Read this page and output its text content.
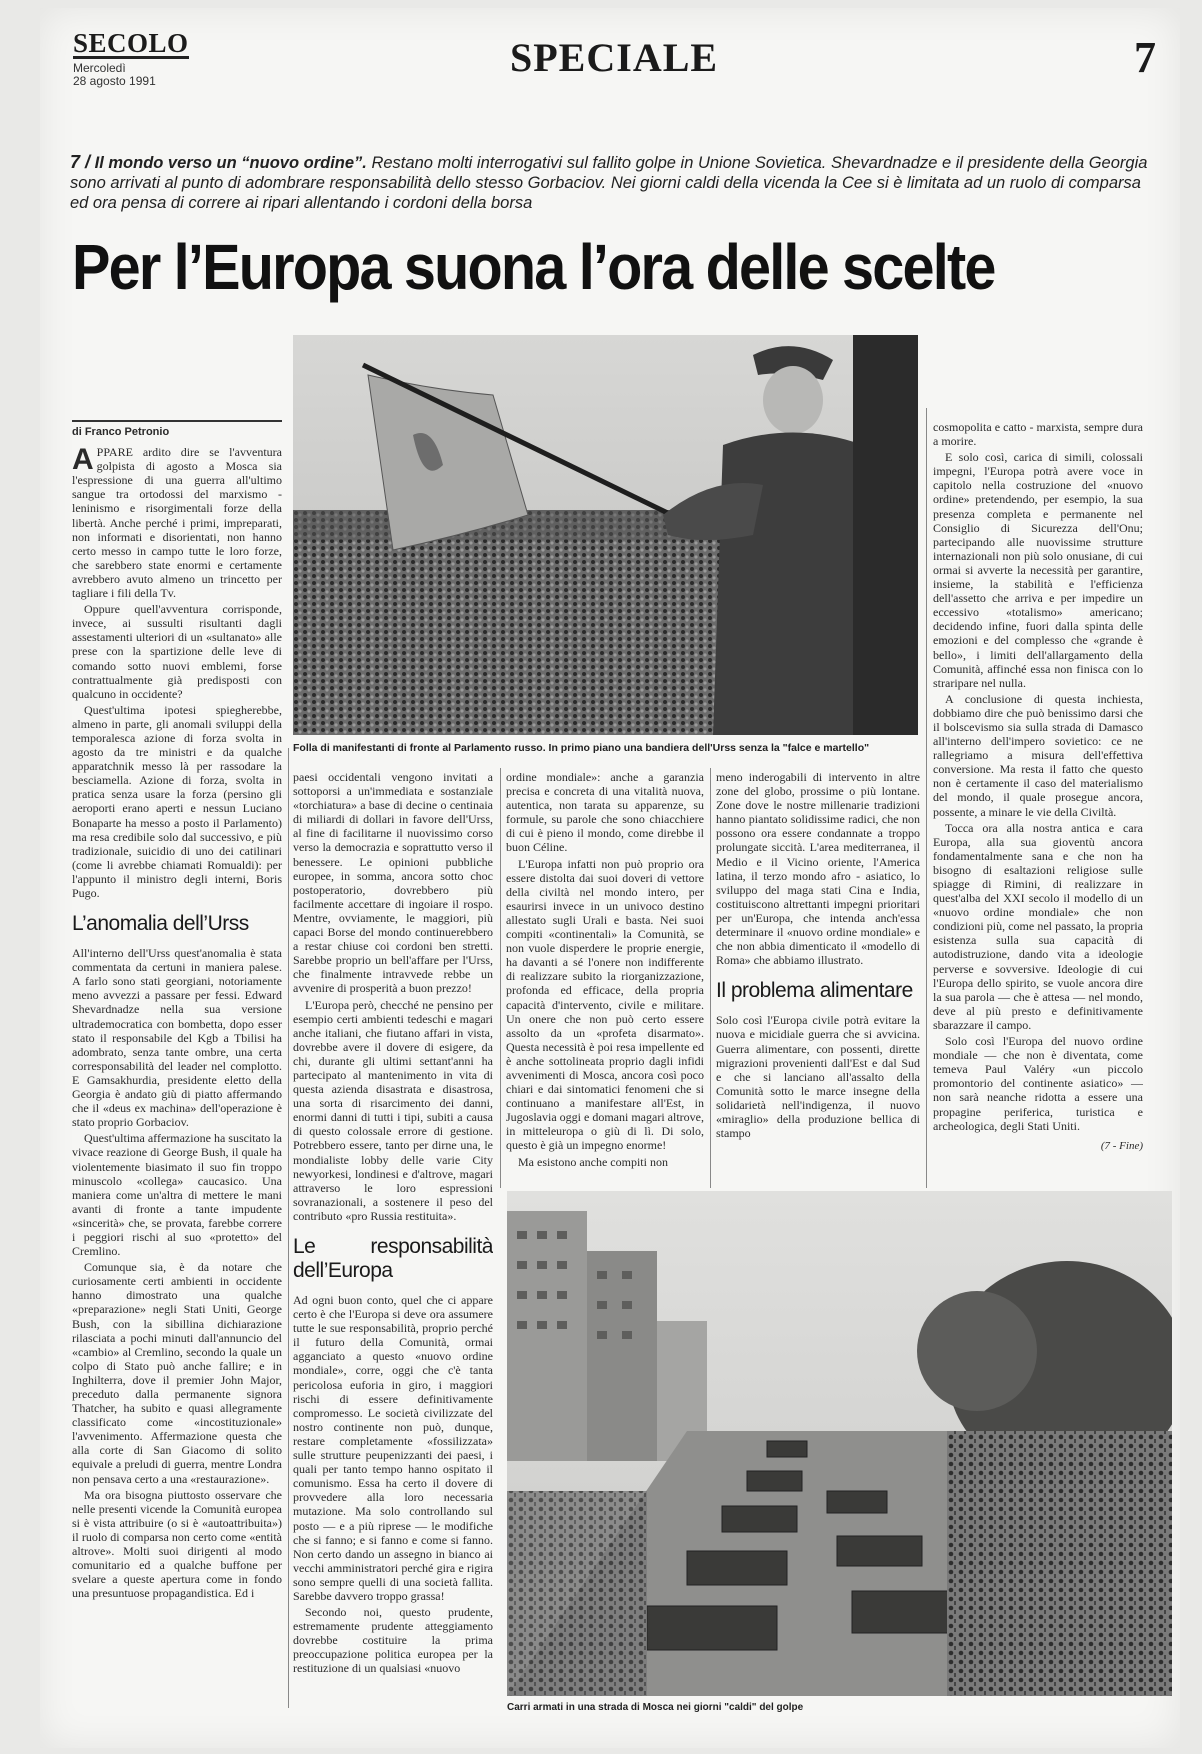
SECOLO
Mercoledì
28 agosto 1991
SPECIALE	7
7 / Il mondo verso un “nuovo ordine”. Restano molti interrogativi sul fallito golpe in Unione Sovietica. Shevardnadze e il presidente della Georgia sono arrivati al punto di adombrare responsabilità dello stesso Gorbaciov. Nei giorni caldi della vicenda la Cee si è limitata ad un ruolo di comparsa ed ora pensa di correre ai ripari allentando i cordoni della borsa
Per l’Europa suona l’ora delle scelte
Folla di manifestanti di fronte al Parlamento russo. In primo piano una bandiera dell'Urss senza la "falce e martello"
Carri armati in una strada di Mosca nei giorni "caldi" del golpe
di Franco Petronio

APPARE ardito dire se l'avventura golpista di agosto a Mosca sia l'espressione di una guerra all'ultimo sangue tra ortodossi del marxismo - leninismo e risorgimentali forze della libertà. Anche perché i primi, impreparati, non informati e disorientati, non hanno certo messo in campo tutte le loro forze, che sarebbero state enormi e certamente avrebbero avuto almeno un trincetto per tagliare i fili della Tv.

Oppure quell'avventura corrisponde, invece, ai sussulti risultanti dagli assestamenti ulteriori di un «sultanato» alle prese con la spartizione delle leve di comando sotto nuovi emblemi, forse contrattualmente già predisposti con qualcuno in occidente?

Quest'ultima ipotesi spiegherebbe, almeno in parte, gli anomali sviluppi della temporalesca azione di forza svolta in agosto da tre ministri e da qualche apparatchnik messo là per rassodare la besciamella. Azione di forza, svolta in pratica senza usare la forza (persino gli aeroporti erano aperti e nessun Luciano Bonaparte ha messo a posto il Parlamento) ma resa credibile solo dal successivo, e più tradizionale, suicidio di uno dei catilinari (come li avrebbe chiamati Romualdi): per l'appunto il ministro degli interni, Boris Pugo.

L’anomalia dell’Urss

All'interno dell'Urss quest'anomalia è stata commentata da certuni in maniera palese. A farlo sono stati georgiani, notoriamente meno avvezzi a passare per fessi. Edward Shevardnadze nella sua versione ultrademocratica con bombetta, dopo esser stato il responsabile del Kgb a Tbilisi ha adombrato, senza tante ombre, una certa corresponsabilità del leader nel complotto. E Gamsakhurdia, presidente eletto della Georgia è andato giù di piatto affermando che il «deus ex machina» dell'operazione è stato proprio Gorbaciov.

Quest'ultima affermazione ha suscitato la vivace reazione di George Bush, il quale ha violentemente biasimato il suo fin troppo minuscolo «collega» caucasico. Una maniera come un'altra di mettere le mani avanti di fronte a tante impudente «sincerità» che, se provata, farebbe correre i peggiori rischi al suo «protetto» del Cremlino.

Comunque sia, è da notare che curiosamente certi ambienti in occidente hanno dimostrato una qualche «preparazione» negli Stati Uniti, George Bush, con la sibillina dichiarazione rilasciata a pochi minuti dall'annuncio del «cambio» al Cremlino, secondo la quale un colpo di Stato può anche fallire; e in Inghilterra, dove il premier John Major, preceduto dalla permanente signora Thatcher, ha subito e quasi allegramente classificato come «incostituzionale» l'avvenimento. Affermazione questa che alla corte di San Giacomo di solito equivale a preludi di guerra, mentre Londra non pensava certo a una «restaurazione».

Ma ora bisogna piuttosto osservare che nelle presenti vicende la Comunità europea si è vista attribuire (o si è «autoattribuita») il ruolo di comparsa non certo come «entità altrove». Molti suoi dirigenti al modo comunitario ed a qualche buffone per svelare a queste apertura come in fondo una presuntuose propagandistica. Ed i

paesi occidentali vengono invitati a sottoporsi a un'immediata e sostanziale «torchiatura» a base di decine o centinaia di miliardi di dollari in favore dell'Urss, al fine di facilitarne il nuovissimo corso verso la democrazia e soprattutto verso il benessere. Le opinioni pubbliche europee, in somma, ancora sotto choc postoperatorio, dovrebbero più facilmente accettare di ingoiare il rospo. Mentre, ovviamente, le maggiori, più capaci Borse del mondo continuerebbero a restar chiuse coi cordoni ben stretti. Sarebbe proprio un bell'affare per l'Urss, che finalmente intravvede rebbe un avvenire di prosperità a buon prezzo!

L'Europa però, checché ne pensino per esempio certi ambienti tedeschi e magari anche italiani, che fiutano affari in vista, dovrebbe avere il dovere di esigere, da chi, durante gli ultimi settant'anni ha partecipato al mantenimento in vita di questa azienda disastrata e disastrosa, una sorta di risarcimento dei danni, enormi danni di tutti i tipi, subiti a causa di questo colossale errore di gestione. Potrebbero essere, tanto per dirne una, le mondialiste lobby delle varie City newyorkesi, londinesi e d'altrove, magari attraverso le loro espressioni sovranazionali, a sostenere il peso del contributo «pro Russia restituita».

Le responsabilità dell’Europa

Ad ogni buon conto, quel che ci appare certo è che l'Europa si deve ora assumere tutte le sue responsabilità, proprio perché il futuro della Comunità, ormai agganciato a questo «nuovo ordine mondiale», corre, oggi che c'è tanta pericolosa euforia in giro, i maggiori rischi di essere definitivamente compromesso. Le società civilizzate del nostro continente non può, dunque, restare completamente «fossilizzata» sulle strutture peupenizzanti dei paesi, i quali per tanto tempo hanno ospitato il comunismo. Essa ha certo il dovere di provvedere alla loro necessaria mutazione. Ma solo controllando sul posto — e a più riprese — le modifiche che si fanno; e si fanno e come si fanno. Non certo dando un assegno in bianco ai vecchi amministratori perché gira e rigira sono sempre quelli di una società fallita. Sarebbe davvero troppo grassa!

Secondo noi, questo prudente, estremamente prudente atteggiamento dovrebbe costituire la prima preoccupazione politica europea per la restituzione di un qualsiasi «nuovo

ordine mondiale»: anche a garanzia precisa e concreta di una vitalità nuova, autentica, non tarata su apparenze, su formule, su parole che sono chiacchiere di cui è pieno il mondo, come direbbe il buon Céline.

L'Europa infatti non può proprio ora essere distolta dai suoi doveri di vettore della civiltà nel mondo intero, per esaurirsi invece in un univoco destino allestato sugli Urali e basta. Nei suoi compiti «continentali» la Comunità, se non vuole disperdere le proprie energie, ha davanti a sé l'onere non indifferente di realizzare subito la riorganizzazione, profonda ed efficace, della propria capacità d'intervento, civile e militare. Un onere che non può certo essere assolto da un «profeta disarmato». Questa necessità è poi resa impellente ed è anche sottolineata proprio dagli infidi avvenimenti di Mosca, ancora così poco chiari e dai sintomatici fenomeni che si continuano a manifestare all'Est, in Jugoslavia oggi e domani magari altrove, in mitteleuropa o giù di lì. Di solo, questo è già un impegno enorme!

Ma esistono anche compiti non

meno inderogabili di intervento in altre zone del globo, prossime o più lontane. Zone dove le nostre millenarie tradizioni hanno piantato solidissime radici, che non possono ora essere condannate a troppo prolungate siccità. L'area mediterranea, il Medio e il Vicino oriente, l'America latina, il terzo mondo afro - asiatico, lo sviluppo del maga stati Cina e India, costituiscono altrettanti impegni prioritari per un'Europa, che intenda anch'essa determinare il «nuovo ordine mondiale» e che non abbia dimenticato il «modello di Roma» che abbiamo illustrato.

Il problema alimentare

Solo così l'Europa civile potrà evitare la nuova e micidiale guerra che si avvicina. Guerra alimentare, con possenti, dirette migrazioni provenienti dall'Est e dal Sud e che si lanciano all'assalto della Comunità sotto le marce insegne della solidarietà nell'indigenza, il nuovo «miraglio» della produzione bellica di stampo

cosmopolita e catto - marxista, sempre dura a morire.

E solo così, carica di simili, colossali impegni, l'Europa potrà avere voce in capitolo nella costruzione del «nuovo ordine» pretendendo, per esempio, la sua presenza completa e permanente nel Consiglio di Sicurezza dell'Onu; partecipando alle nuovissime strutture internazionali non più solo onusiane, di cui ormai si avverte la necessità per garantire, insieme, la stabilità e l'efficienza dell'assetto che arriva e per impedire un eccessivo «totalismo» americano; decidendo infine, fuori dalla spinta delle emozioni e del complesso che «grande è bello», i limiti dell'allargamento della Comunità, affinché essa non finisca con lo straripare nel nulla.

A conclusione di questa inchiesta, dobbiamo dire che può benissimo darsi che il bolscevismo sia sulla strada di Damasco all'interno dell'impero sovietico: ce ne rallegriamo a misura dell'effettiva conversione. Ma resta il fatto che questo non è certamente il caso del materialismo del mondo, il quale prosegue ancora, possente, a minare le vie della Civiltà.

Tocca ora alla nostra antica e cara Europa, alla sua gioventù ancora fondamentalmente sana e che non ha bisogno di esaltazioni religiose sulle spiagge di Rimini, di realizzare in quest'alba del XXI secolo il modello di un «nuovo ordine mondiale» che non condizioni più, come nel passato, la propria esistenza sulla sua capacità di autodistruzione, dando vita a ideologie perverse e sovversive. Ideologie di cui l'Europa dello spirito, se vuole ancora dire la sua parola — che è attesa — nel mondo, deve al più presto e definitivamente sbarazzare il campo.

Solo così l'Europa del nuovo ordine mondiale — che non è diventata, come temeva Paul Valéry «un piccolo promontorio del continente asiatico» — non sarà neanche ridotta a essere una propagine periferica, turistica e archeologica, degli Stati Uniti.

(7 - Fine)
